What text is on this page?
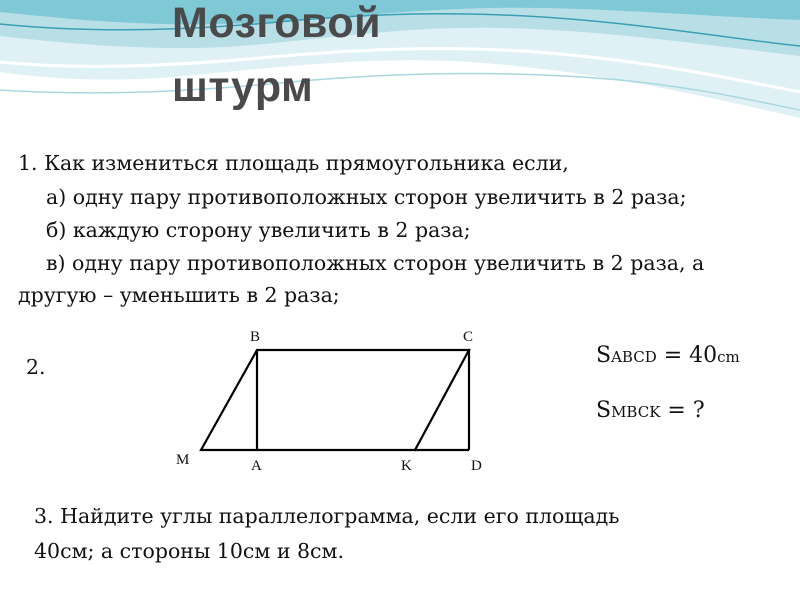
Мозговой
штурм

1. Как измениться площадь прямоугольника если,

а) одну пару противоположных сторон увеличить в 2 раза;

б) каждую сторону увеличить в 2 раза;

в) одну пару противоположных сторон увеличить в 2 раза, а

другую – уменьшить в 2 раза;

2.

B	C
M	A	K	D

SABCD = 40cm

SMBCK = ?

3. Найдите углы параллелограмма, если его площадь

40см; а стороны 10см и 8см.
